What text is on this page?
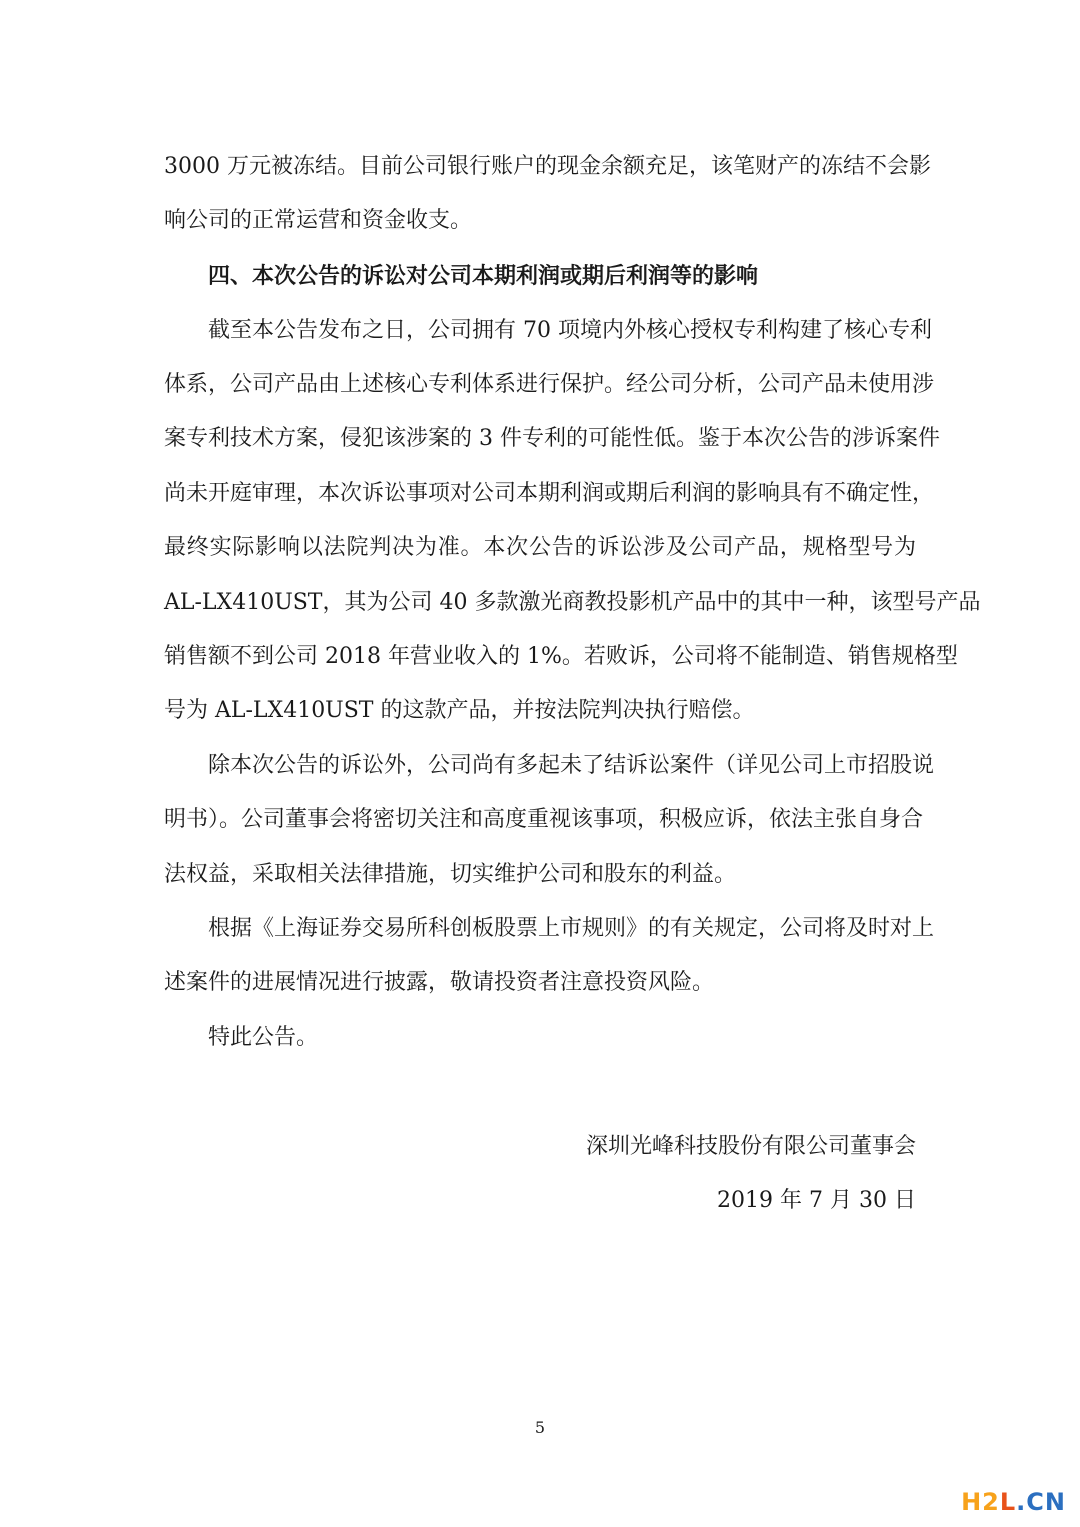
3000 万元被冻结。目前公司银行账户的现金余额充足，该笔财产的冻结不会影
响公司的正常运营和资金收支。
四、本次公告的诉讼对公司本期利润或期后利润等的影响
截至本公告发布之日，公司拥有 70 项境内外核心授权专利构建了核心专利
体系，公司产品由上述核心专利体系进行保护。经公司分析，公司产品未使用涉
案专利技术方案，侵犯该涉案的 3 件专利的可能性低。鉴于本次公告的涉诉案件
尚未开庭审理，本次诉讼事项对公司本期利润或期后利润的影响具有不确定性，
最终实际影响以法院判决为准。本次公告的诉讼涉及公司产品，规格型号为
AL-LX410UST，其为公司 40 多款激光商教投影机产品中的其中一种，该型号产品
销售额不到公司 2018 年营业收入的 1%。若败诉，公司将不能制造、销售规格型
号为 AL-LX410UST 的这款产品，并按法院判决执行赔偿。
除本次公告的诉讼外，公司尚有多起未了结诉讼案件（详见公司上市招股说
明书）。公司董事会将密切关注和高度重视该事项，积极应诉，依法主张自身合
法权益，采取相关法律措施，切实维护公司和股东的利益。
根据《上海证券交易所科创板股票上市规则》的有关规定，公司将及时对上
述案件的进展情况进行披露，敬请投资者注意投资风险。
特此公告。
深圳光峰科技股份有限公司董事会
2019 年 7 月 30 日
5
H2L.CN
